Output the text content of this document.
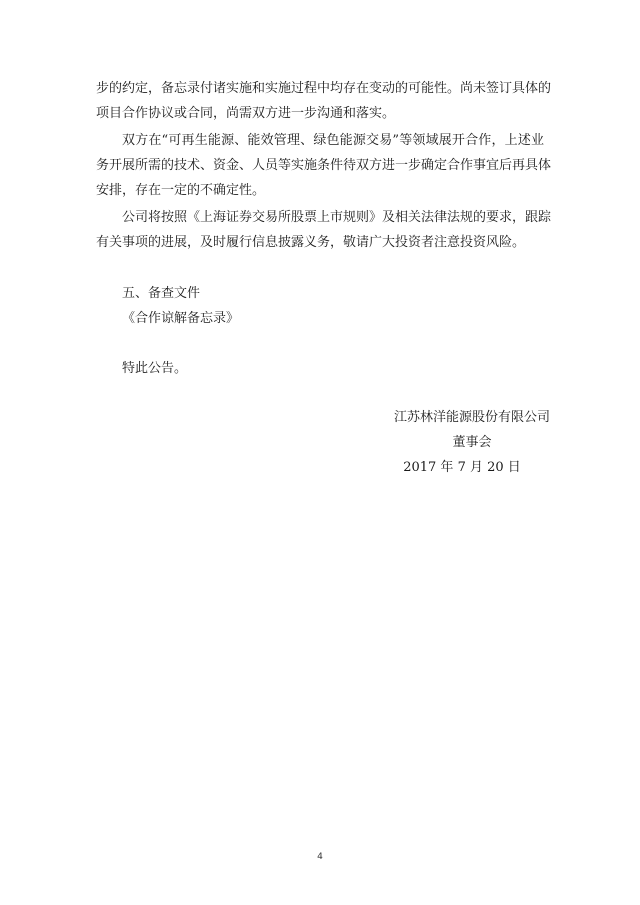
步的约定，备忘录付诸实施和实施过程中均存在变动的可能性。尚未签订具体的
项目合作协议或合同，尚需双方进一步沟通和落实。
双方在“可再生能源、能效管理、绿色能源交易”等领域展开合作，上述业
务开展所需的技术、资金、人员等实施条件待双方进一步确定合作事宜后再具体
安排，存在一定的不确定性。
公司将按照《上海证券交易所股票上市规则》及相关法律法规的要求，跟踪
有关事项的进展，及时履行信息披露义务，敬请广大投资者注意投资风险。
五、备查文件
《合作谅解备忘录》
特此公告。
江苏林洋能源股份有限公司
董事会
2017 年 7 月 20 日
4
